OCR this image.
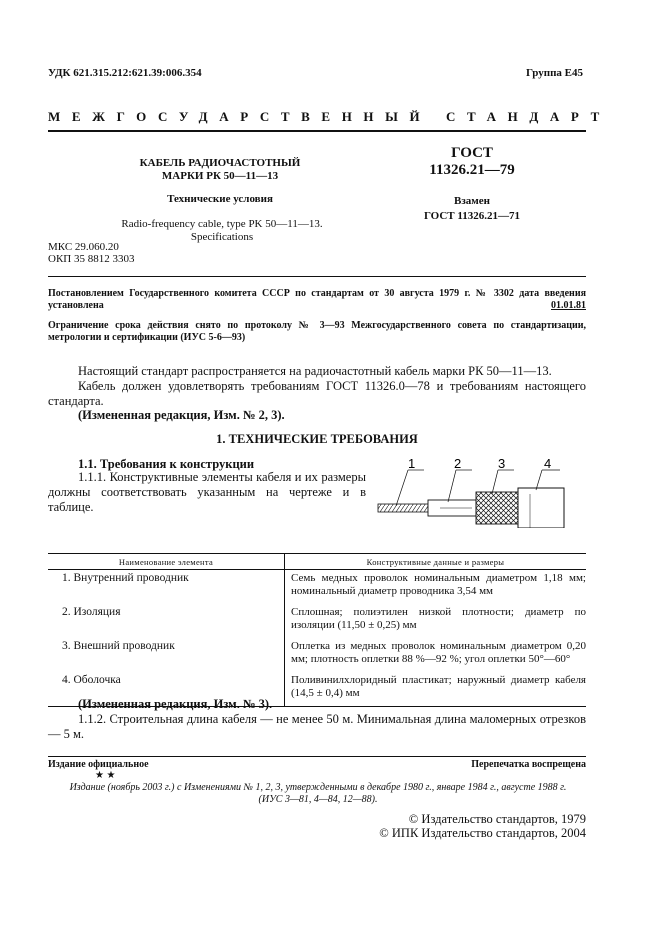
УДК 621.315.212:621.39:006.354	Группа Е45
МЕЖГОСУДАРСТВЕННЫЙ СТАНДАРТ
КАБЕЛЬ РАДИОЧАСТОТНЫЙ
МАРКИ РК 50—11—13
Технические условия
Radio-frequency cable, type PK 50—11—13.
Specifications
ГОСТ
11326.21—79
Взамен
ГОСТ 11326.21—71
МКС 29.060.20
ОКП 35 8812 3303
Постановлением Государственного комитета СССР по стандартам от 30 августа 1979 г. № 3302 дата введения установлена	01.01.81
Ограничение срока действия снято по протоколу № 3—93 Межгосударственного совета по стандартизации, метрологии и сертификации (ИУС 5-6—93)
Настоящий стандарт распространяется на радиочастотный кабель марки РК 50—11—13.
Кабель должен удовлетворять требованиям ГОСТ 11326.0—78 и требованиям настоящего стандарта.
(Измененная редакция, Изм. № 2, 3).
1. ТЕХНИЧЕСКИЕ ТРЕБОВАНИЯ
1.1. Требования к конструкции
1.1.1. Конструктивные элементы кабеля и их размеры должны соответствовать указанным на чертеже и в таблице.
1	2	3	4
Наименование элемента	Конструктивные данные и размеры
1. Внутренний проводник	Семь медных проволок номинальным диаметром 1,18 мм; номинальный диаметр проводника 3,54 мм
2. Изоляция	Сплошная; полиэтилен низкой плотности; диаметр по изоляции (11,50 ± 0,25) мм
3. Внешний проводник	Оплетка из медных проволок номинальным диаметром 0,20 мм; плотность оплетки 88 %—92 %; угол оплетки 50°—60°
4. Оболочка	Поливинилхлоридный пластикат; наружный диаметр кабеля (14,5 ± 0,4) мм
(Измененная редакция, Изм. № 3).
1.1.2. Строительная длина кабеля — не менее 50 м. Минимальная длина маломерных отрезков — 5 м.
Издание официальное	Перепечатка воспрещена
★ ★
Издание (ноябрь 2003 г.) с Изменениями № 1, 2, 3, утвержденными в декабре 1980 г., январе 1984 г., августе 1988 г. (ИУС 3—81, 4—84, 12—88).
© Издательство стандартов, 1979
© ИПК Издательство стандартов, 2004
